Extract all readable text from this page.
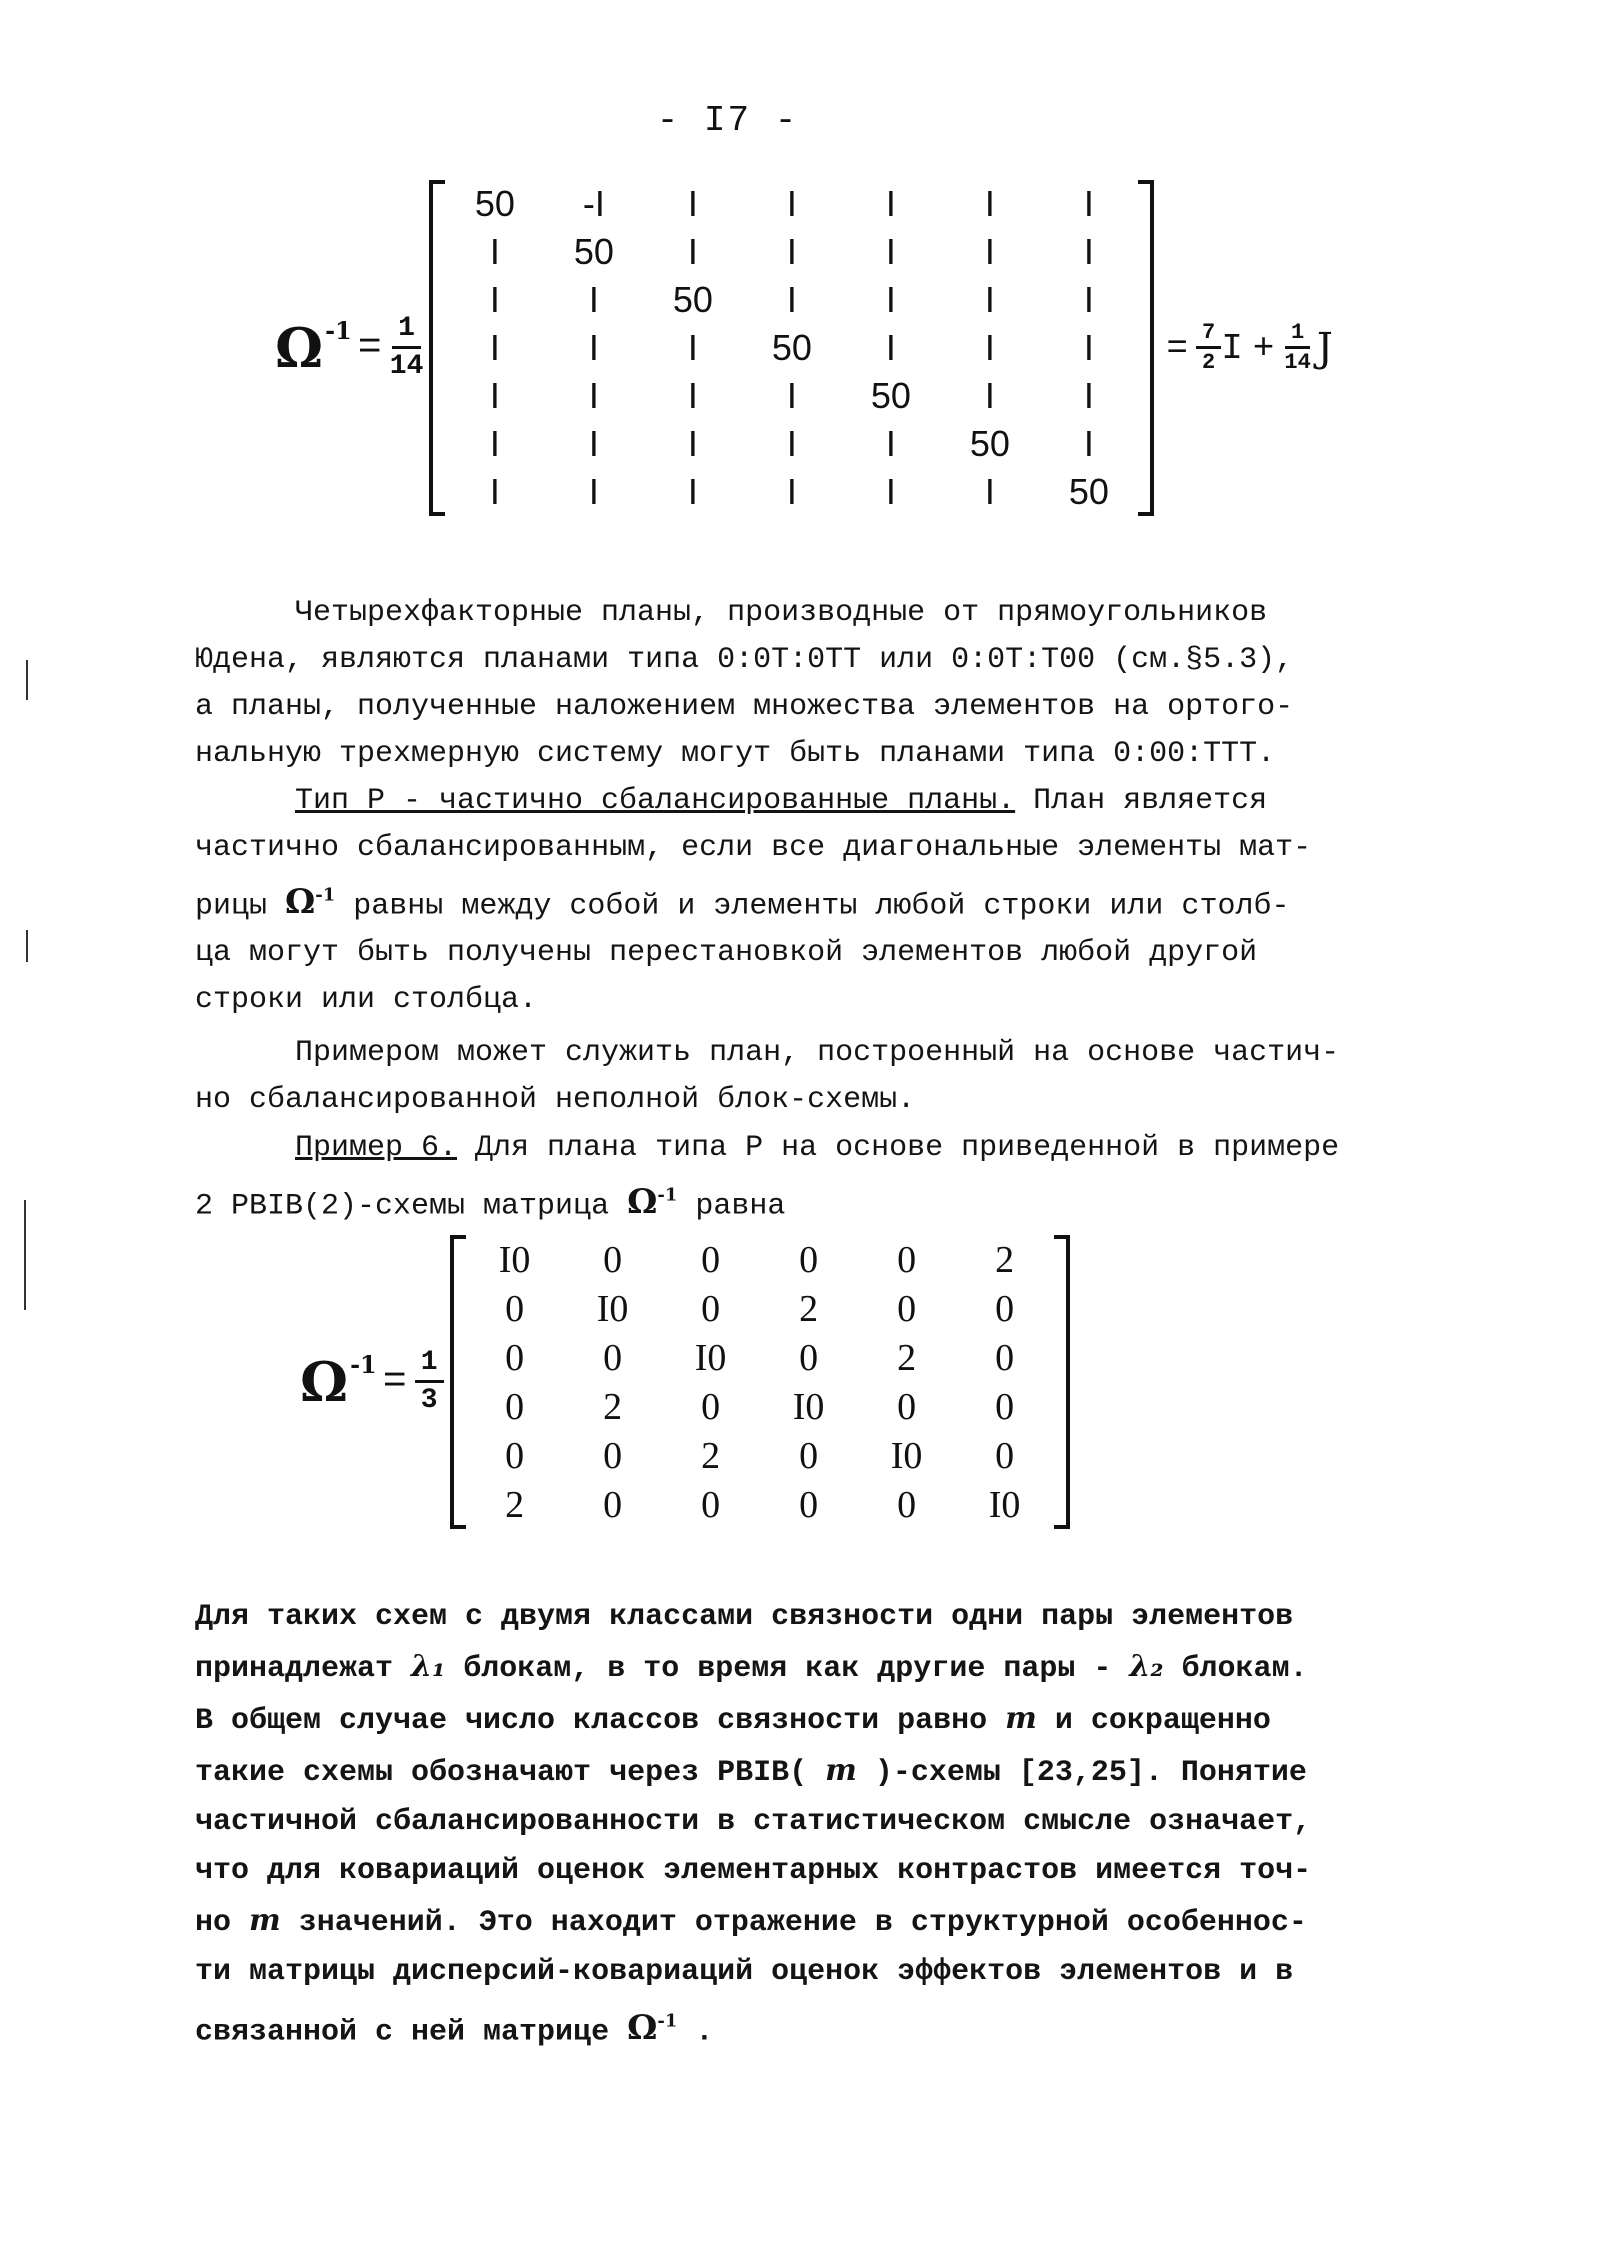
- I7 -
$\Omega^{-1} = \frac{1}{14}$
50	-I	I	I	I	I	I
I	50	I	I	I	I	I
I	I	50	I	I	I	I
I	I	I	50	I	I	I
I	I	I	I	50	I	I
I	I	I	I	I	50	I
I	I	I	I	I	I	50
= $\frac{7}{2}$ $I + \frac{1}{14}$ J
Четырехфакторные планы, производные от прямоугольников
Юдена, являются планами типа 0:0Т:0ТТ или 0:0Т:Т00 (см.§5.3),
а планы, полученные наложением множества элементов на ортого-
нальную трехмерную систему могут быть планами типа 0:00:ТТТ.
Тип Р - частично сбалансированные планы. План является
частично сбалансированным, если все диагональные элементы мат-
рицы $\Omega^{-1}$ равны между собой и элементы любой строки или столб-
ца могут быть получены перестановкой элементов любой другой
строки или столбца.
Примером может служить план, построенный на основе частич-
но сбалансированной неполной блок-схемы.
Пример 6. Для плана типа Р на основе приведенной в примере
2 PBIB(2)-схемы матрица $\Omega^{-1}$ равна
$\Omega^{-1} = \frac{1}{3}$
I0	0	0	0	0	2
0	I0	0	2	0	0
0	0	I0	0	2	0
0	2	0	I0	0	0
0	0	2	0	I0	0
2	0	0	0	0	I0
Для таких схем с двумя классами связности одни пары элементов
принадлежат λ₁ блокам, в то время как другие пары - λ₂ блокам.
В общем случае число классов связности равно m и сокращенно
такие схемы обозначают через PBIB( m )-схемы [23,25]. Понятие
частичной сбалансированности в статистическом смысле означает,
что для ковариаций оценок элементарных контрастов имеется точ-
но m значений. Это находит отражение в структурной особеннос-
ти матрицы дисперсий-ковариаций оценок эффектов элементов и в
связанной с ней матрице $\Omega^{-1}$ .
